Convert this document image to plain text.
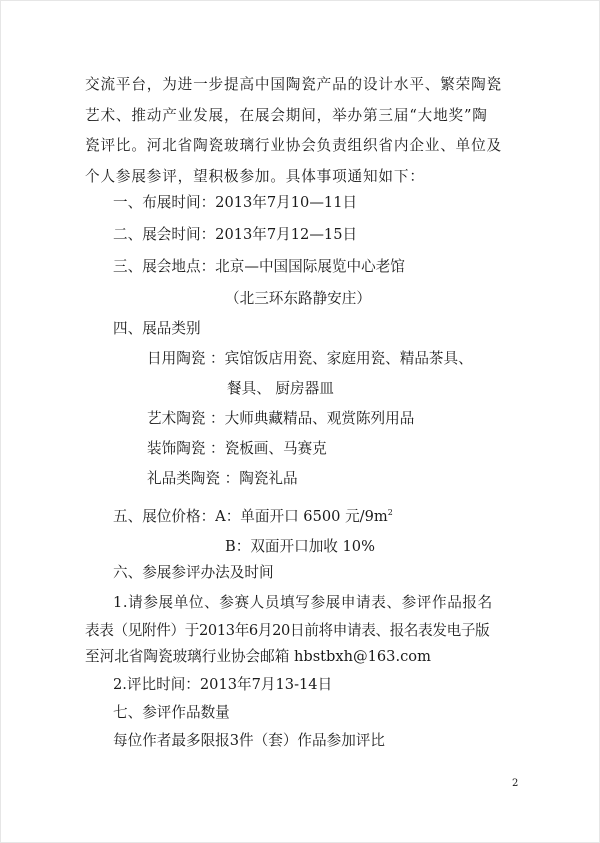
交流平台，为进一步提高中国陶瓷产品的设计水平、繁荣陶瓷
艺术、推动产业发展，在展会期间，举办第三届“大地奖”陶
瓷评比。河北省陶瓷玻璃行业协会负责组织省内企业、单位及
个人参展参评，望积极参加。具体事项通知如下：
一、布展时间：2013年7月10—11日
二、展会时间：2013年7月12—15日
三、展会地点：北京—中国国际展览中心老馆
（北三环东路静安庄）
四、展品类别
日用陶瓷 ：宾馆饭店用瓷、家庭用瓷、精品茶具、
餐具、 厨房器皿
艺术陶瓷 ：大师典藏精品、观赏陈列用品
装饰陶瓷 ：瓷板画、马赛克
礼品类陶瓷 ：陶瓷礼品
五、展位价格：A：单面开口 6500 元$/9m^2$
B：双面开口加收 10%
六、参展参评办法及时间
1.请参展单位、参赛人员填写参展申请表、参评作品报名
表表（见附件）于2013年6月20日前将申请表、报名表发电子版
至河北省陶瓷玻璃行业协会邮箱 hbstbxh@163.com
2.评比时间：2013年7月13-14日
七、参评作品数量
每位作者最多限报3件（套）作品参加评比
2
